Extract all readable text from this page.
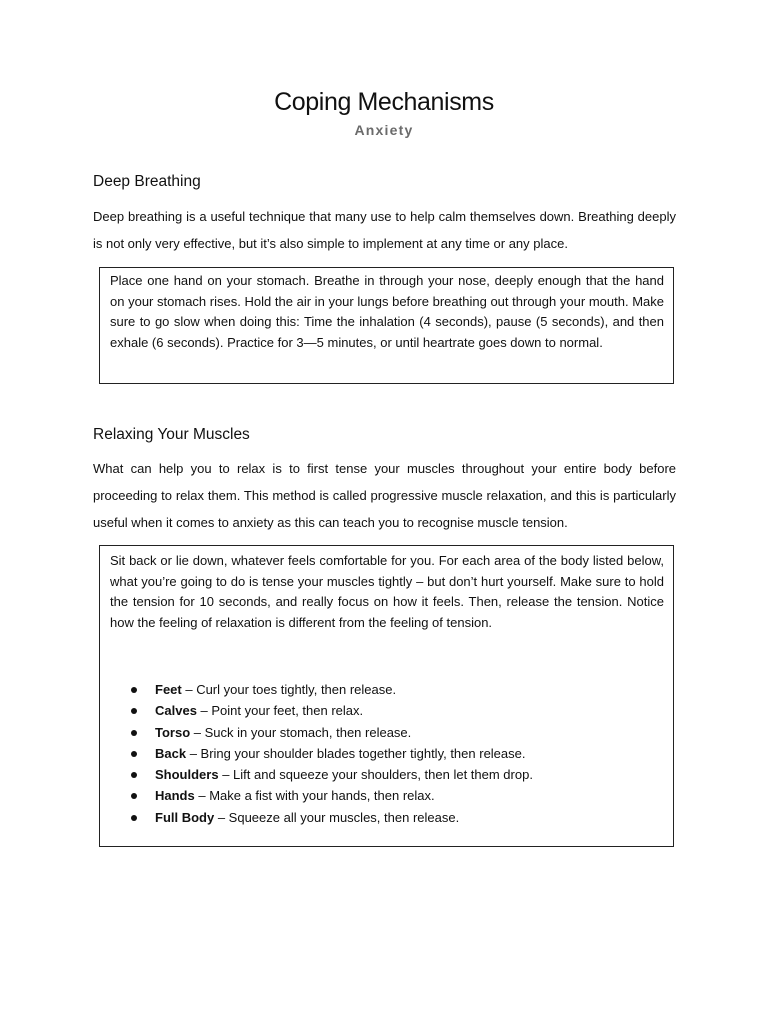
Coping Mechanisms
Anxiety
Deep Breathing
Deep breathing is a useful technique that many use to help calm themselves down. Breathing deeply is not only very effective, but it’s also simple to implement at any time or any place.
Place one hand on your stomach. Breathe in through your nose, deeply enough that the hand on your stomach rises. Hold the air in your lungs before breathing out through your mouth. Make sure to go slow when doing this: Time the inhalation (4 seconds), pause (5 seconds), and then exhale (6 seconds). Practice for 3—5 minutes, or until heartrate goes down to normal.
Relaxing Your Muscles
What can help you to relax is to first tense your muscles throughout your entire body before proceeding to relax them. This method is called progressive muscle relaxation, and this is particularly useful when it comes to anxiety as this can teach you to recognise muscle tension.
Sit back or lie down, whatever feels comfortable for you. For each area of the body listed below, what you’re going to do is tense your muscles tightly – but don’t hurt yourself. Make sure to hold the tension for 10 seconds, and really focus on how it feels. Then, release the tension. Notice how the feeling of relaxation is different from the feeling of tension.
Feet – Curl your toes tightly, then release.
Calves – Point your feet, then relax.
Torso – Suck in your stomach, then release.
Back – Bring your shoulder blades together tightly, then release.
Shoulders – Lift and squeeze your shoulders, then let them drop.
Hands – Make a fist with your hands, then relax.
Full Body – Squeeze all your muscles, then release.
